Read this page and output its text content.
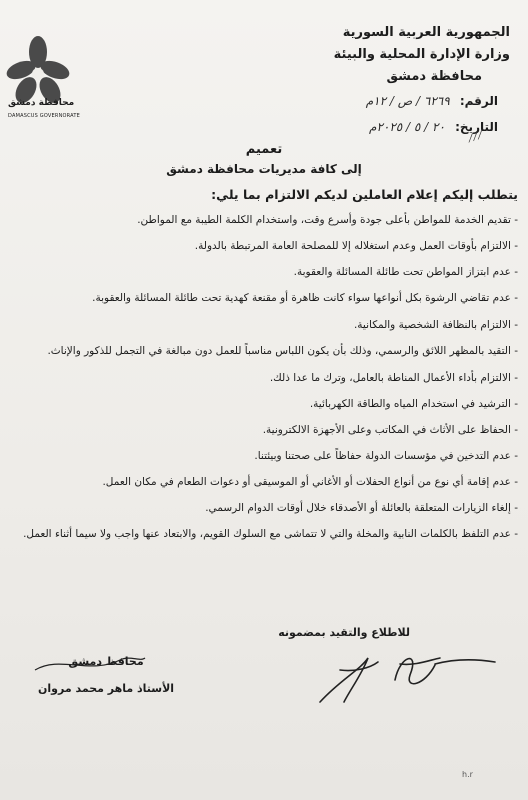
الجمهورية العربية السورية
وزارة الإدارة المحلية والبيئة
محافظة دمشق
محافظة دمشق
DAMASCUS GOVERNORATE
الرقم: ٦٢٦٩ / ص / ١٢م
التاريخ: ٢٠ / ٥ / ٢٠٢٥م
تعميم
إلى كافة مديريات محافظة دمشق
يتطلب إليكم إعلام العاملين لديكم الالتزام بما يلي:

- تقديم الخدمة للمواطن بأعلى جودة وأسرع وقت، واستخدام الكلمة الطيبة مع المواطن.

- الالتزام بأوقات العمل وعدم استغلاله إلا للمصلحة العامة المرتبطة بالدولة.

- عدم ابتزاز المواطن تحت طائلة المسائلة والعقوبة.

- عدم تقاضي الرشوة بكل أنواعها سواء كانت ظاهرة أو مقنعة كهدية تحت طائلة المسائلة والعقوبة.

- الالتزام بالنظافة الشخصية والمكانية.

- التقيد بالمظهر اللائق والرسمي، وذلك بأن يكون اللباس مناسباً للعمل دون مبالغة في التجمل للذكور والإناث.

- الالتزام بأداء الأعمال المناطة بالعامل، وترك ما عدا ذلك.

- الترشيد في استخدام المياه والطاقة الكهربائية.

- الحفاظ على الأثاث في المكاتب وعلى الأجهزة الالكترونية.

- عدم التدخين في مؤسسات الدولة حفاظاً على صحتنا وبيئتنا.

- عدم إقامة أي نوع من أنواع الحفلات أو الأغاني أو الموسيقى أو دعوات الطعام في مكان العمل.

- إلغاء الزيارات المتعلقة بالعائلة أو الأصدقاء خلال أوقات الدوام الرسمي.

- عدم التلفظ بالكلمات النابية والمخلة والتي لا تتماشى مع السلوك القويم، والابتعاد عنها واجب ولا سيما أثناء العمل.

للاطلاع والتقيد بمضمونه
محافظ دمشق
الأستاذ ماهر محمد مروان
⁄ ⁄ ⁄
h.r
